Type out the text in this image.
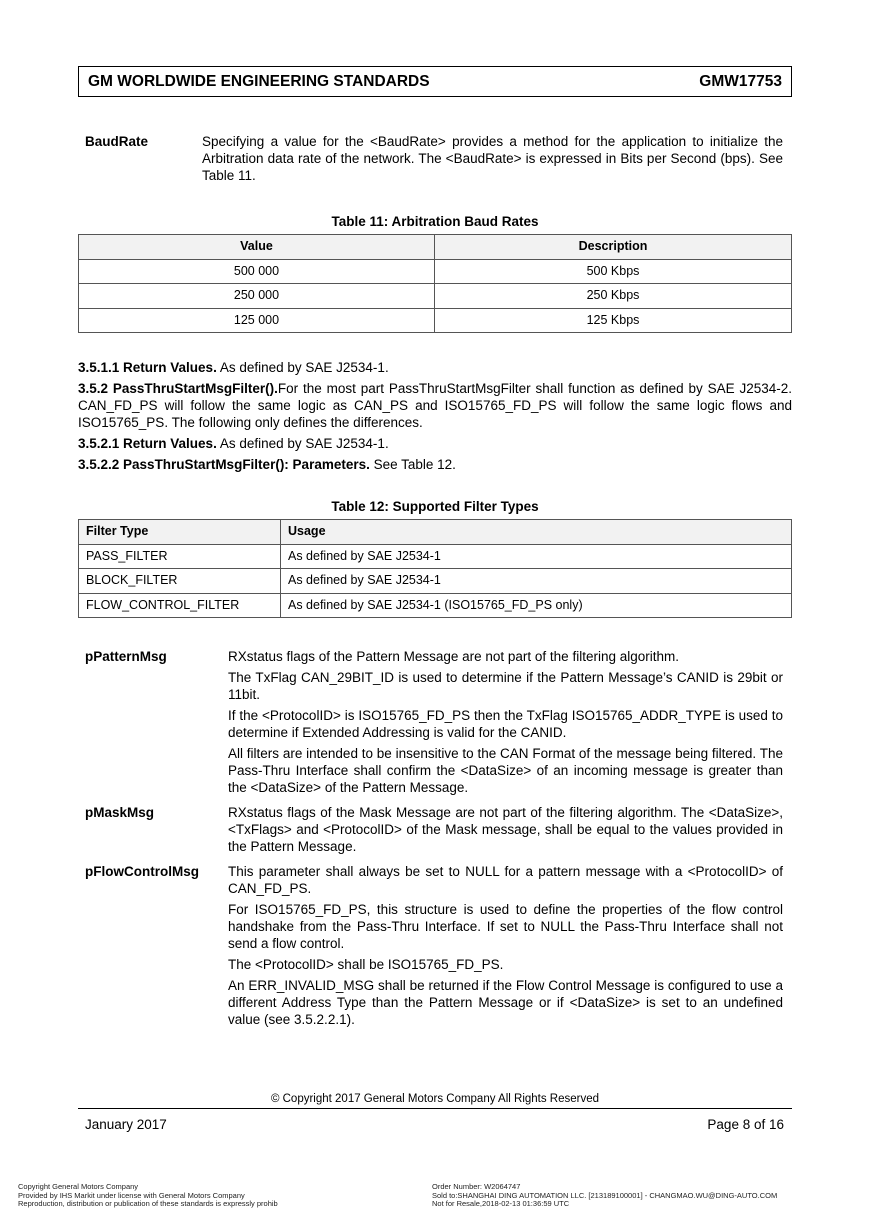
GM WORLDWIDE ENGINEERING STANDARDS	GMW17753
BaudRate	Specifying a value for the <BaudRate> provides a method for the application to initialize the Arbitration data rate of the network. The <BaudRate> is expressed in Bits per Second (bps). See Table 11.

Table 11: Arbitration Baud Rates
Value	Description
500 000	500 Kbps
250 000	250 Kbps
125 000	125 Kbps

3.5.1.1 Return Values. As defined by SAE J2534-1.

3.5.2 PassThruStartMsgFilter().For the most part PassThruStartMsgFilter shall function as defined by SAE J2534-2. CAN_FD_PS will follow the same logic as CAN_PS and ISO15765_FD_PS will follow the same logic flows and ISO15765_PS. The following only defines the differences.

3.5.2.1 Return Values. As defined by SAE J2534-1.

3.5.2.2 PassThruStartMsgFilter(): Parameters. See Table 12.

Table 12: Supported Filter Types
Filter Type	Usage
PASS_FILTER	As defined by SAE J2534-1
BLOCK_FILTER	As defined by SAE J2534-1
FLOW_CONTROL_FILTER	As defined by SAE J2534-1 (ISO15765_FD_PS only)
pPatternMsg	RXstatus flags of the Pattern Message are not part of the filtering algorithm.

The TxFlag CAN_29BIT_ID is used to determine if the Pattern Message’s CANID is 29bit or 11bit.

If the <ProtocolID> is ISO15765_FD_PS then the TxFlag ISO15765_ADDR_TYPE is used to determine if Extended Addressing is valid for the CANID.

All filters are intended to be insensitive to the CAN Format of the message being filtered. The Pass-Thru Interface shall confirm the <DataSize> of an incoming message is greater than the <DataSize> of the Pattern Message.

pMaskMsg	RXstatus flags of the Mask Message are not part of the filtering algorithm. The <DataSize>, <TxFlags> and <ProtocolID> of the Mask message, shall be equal to the values provided in the Pattern Message.

pFlowControlMsg This parameter shall always be set to NULL for a pattern message with a <ProtocolID> of CAN_FD_PS.

For ISO15765_FD_PS, this structure is used to define the properties of the flow control handshake from the Pass-Thru Interface. If set to NULL the Pass-Thru Interface shall not send a flow control.

The <ProtocolID> shall be ISO15765_FD_PS.

An ERR_INVALID_MSG shall be returned if the Flow Control Message is configured to use a different Address Type than the Pattern Message or if <DataSize> is set to an undefined value (see 3.5.2.2.1).

© Copyright 2017 General Motors Company All Rights Reserved
January 2017	Page 8 of 16
Copyright General Motors Company
Provided by IHS Markit under license with General Motors Company
Reproduction, distribution or publication of these standards is expressly prohib
Order Number: W2064747
Sold to:SHANGHAI DING AUTOMATION LLC. [213189100001] - CHANGMAO.WU@DING-AUTO.COM
Not for Resale,2018-02-13 01:36:59 UTC
